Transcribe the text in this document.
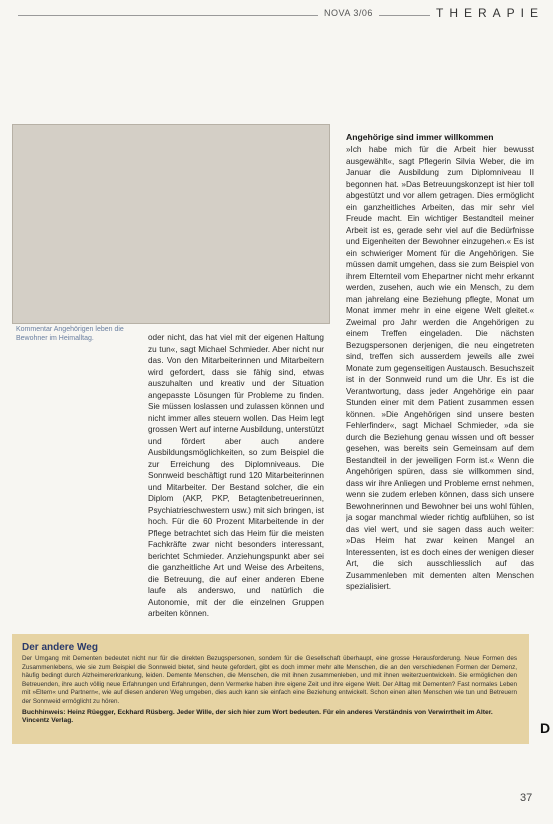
NOVA 3/06	THERAPIE
Kommentar Angehörigen leben die Bewohner im Heimalltag.	oder nicht, das hat viel mit der eigenen Haltung zu tun«, sagt Michael Schmieder. Aber nicht nur das. Von den Mitarbeiterinnen und Mitarbeitern wird gefordert, dass sie fähig sind, etwas auszuhalten und kreativ und der Situation angepasste Lösungen für Probleme zu finden. Sie müssen loslassen und zulassen können und nicht immer alles steuern wollen. Das Heim legt grossen Wert auf interne Ausbildung, unterstützt und fördert aber auch andere Ausbildungsmöglichkeiten, so zum Beispiel die zur Erreichung des Diplomniveaus. Die Sonnweid beschäftigt rund 120 Mitarbeiterinnen und Mitarbeiter. Der Bestand solcher, die ein Diplom (AKP, PKP, Betagtenbetreuerinnen, Psychiatrieschwestern usw.) mit sich bringen, ist hoch. Für die 60 Prozent Mitarbeitende in der Pflege betrachtet sich das Heim für die meisten Fachkräfte zwar nicht besonders interessant, berichtet Schmieder. Anziehungspunkt aber sei die ganzheitliche Art und Weise des Arbeitens, die Betreuung, die auf einer anderen Ebene laufe als anderswo, und natürlich die Autonomie, mit der die einzelnen Gruppen arbeiten können.

Angehörige sind immer willkommen

»Ich habe mich für die Arbeit hier bewusst ausgewählt«, sagt Pflegerin Silvia Weber, die im Januar die Ausbildung zum Diplomniveau II begonnen hat. »Das Betreuungskonzept ist hier toll abgestützt und vor allem getragen. Dies ermöglicht ein ganzheitliches Arbeiten, das mir sehr viel Freude macht. Ein wichtiger Bestandteil meiner Arbeit ist es, gerade sehr viel auf die Bedürfnisse und Eigenheiten der Bewohner einzugehen.« Es ist ein schwieriger Moment für die Angehörigen. Sie müssen damit umgehen, dass sie zum Beispiel von ihrem Elternteil vom Ehepartner nicht mehr erkannt werden, zusehen, auch wie ein Mensch, zu dem man jahrelang eine Beziehung pflegte, Monat um Monat immer mehr in eine eigene Welt gleitet.« Zweimal pro Jahr werden die Angehörigen zu einem Treffen eingeladen. Die nächsten Bezugspersonen derjenigen, die neu eingetreten sind, treffen sich ausserdem jeweils alle zwei Monate zum gegenseitigen Austausch. Besuchszeit ist in der Sonnweid rund um die Uhr. Es ist die Verantwortung, dass jeder Angehörige ein paar Stunden einer mit dem Patient zusammen essen können. »Die Angehörigen sind unsere besten Fehlerfinder«, sagt Michael Schmieder, »da sie durch die Beziehung genau wissen und oft besser gesehen, was bereits sein Gemeinsam auf dem Bestandteil in der jeweiligen Form ist.« Wenn die Angehörigen spüren, dass sie willkommen sind, dass wir ihre Anliegen und Probleme ernst nehmen, wenn sie zudem erleben können, dass sich unsere Bewohnerinnen und Bewohner bei uns wohl fühlen, ja sogar manchmal wieder richtig aufblühen, so ist das viel wert, und sie sagen dass auch weiter: »Das Heim hat zwar keinen Mangel an Interessenten, ist es doch eines der wenigen dieser Art, die sich ausschliesslich auf das Zusammenleben mit dementen alten Menschen spezialisiert.

Der andere Weg

Der Umgang mit Dementen bedeutet nicht nur für die direkten Bezugspersonen, sondern für die Gesellschaft überhaupt, eine grosse Herausforderung. Neue Formen des Zusammenlebens, wie sie zum Beispiel die Sonnweid bietet, sind heute gefordert, gibt es doch immer mehr alte Menschen, die an den verschiedenen Formen der Demenz, häufig bedingt durch Alzheimererkrankung, leiden. Demente Menschen, die Menschen, die mit ihnen zusammenleben, und mit ihnen weiterzuentwickeln. Sie ermöglichen den Betreuenden, ihre auch völlig neue Erfahrungen und Erfahrungen, denn Vermerke haben ihre eigene Zeit und ihre eigene Welt. Der Alltag mit Dementen? Fast normales Leben mit »Eltern« und Partnern«, wie auf diesen anderen Weg umgeben, dies auch kann sie einfach eine Beziehung entwickelt. Schon einen alten Menschen wie tun und Betreuern der Sonnweid ermöglicht zu hören.

Buchhinweis: Heinz Rüegger, Eckhard Rüsberg. Jeder Wille, der sich hier zum Wort bedeuten. Für ein anderes Verständnis von Verwirrtheit im Alter. Vincentz Verlag.	D
37
